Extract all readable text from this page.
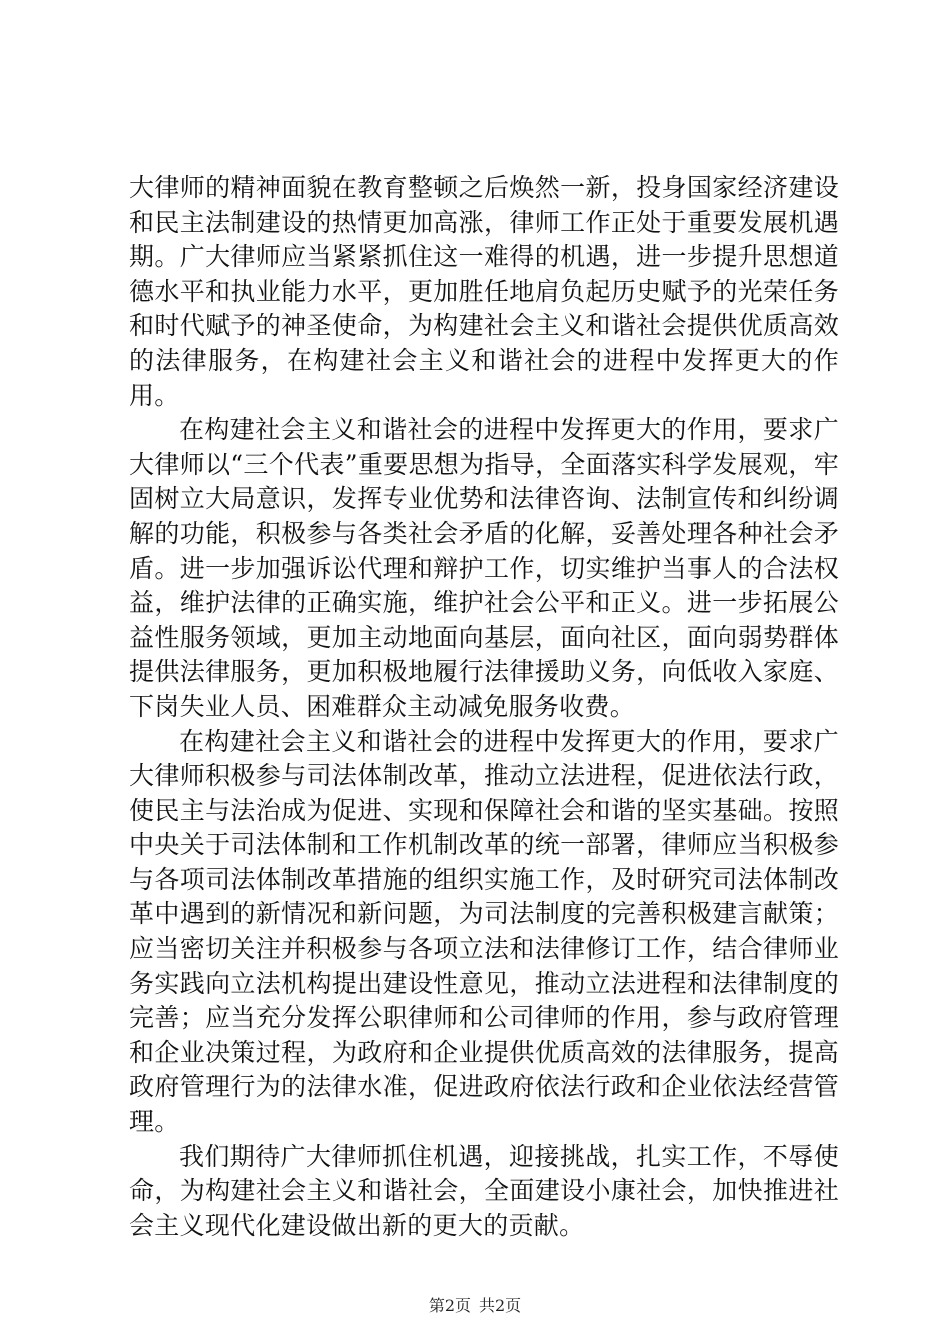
大律师的精神面貌在教育整顿之后焕然一新，投身国家经济建设和民主法制建设的热情更加高涨，律师工作正处于重要发展机遇期。广大律师应当紧紧抓住这一难得的机遇，进一步提升思想道德水平和执业能力水平，更加胜任地肩负起历史赋予的光荣任务和时代赋予的神圣使命，为构建社会主义和谐社会提供优质高效的法律服务，在构建社会主义和谐社会的进程中发挥更大的作用。

在构建社会主义和谐社会的进程中发挥更大的作用，要求广大律师以“三个代表”重要思想为指导，全面落实科学发展观，牢固树立大局意识，发挥专业优势和法律咨询、法制宣传和纠纷调解的功能，积极参与各类社会矛盾的化解，妥善处理各种社会矛盾。进一步加强诉讼代理和辩护工作，切实维护当事人的合法权益，维护法律的正确实施，维护社会公平和正义。进一步拓展公益性服务领域，更加主动地面向基层，面向社区，面向弱势群体提供法律服务，更加积极地履行法律援助义务，向低收入家庭、下岗失业人员、困难群众主动减免服务收费。

在构建社会主义和谐社会的进程中发挥更大的作用，要求广大律师积极参与司法体制改革，推动立法进程，促进依法行政，使民主与法治成为促进、实现和保障社会和谐的坚实基础。按照中央关于司法体制和工作机制改革的统一部署，律师应当积极参与各项司法体制改革措施的组织实施工作，及时研究司法体制改革中遇到的新情况和新问题，为司法制度的完善积极建言献策；应当密切关注并积极参与各项立法和法律修订工作，结合律师业务实践向立法机构提出建设性意见，推动立法进程和法律制度的完善；应当充分发挥公职律师和公司律师的作用，参与政府管理和企业决策过程，为政府和企业提供优质高效的法律服务，提高政府管理行为的法律水准，促进政府依法行政和企业依法经营管理。

我们期待广大律师抓住机遇，迎接挑战，扎实工作，不辱使命，为构建社会主义和谐社会，全面建设小康社会，加快推进社会主义现代化建设做出新的更大的贡献。

第2页 共2页
